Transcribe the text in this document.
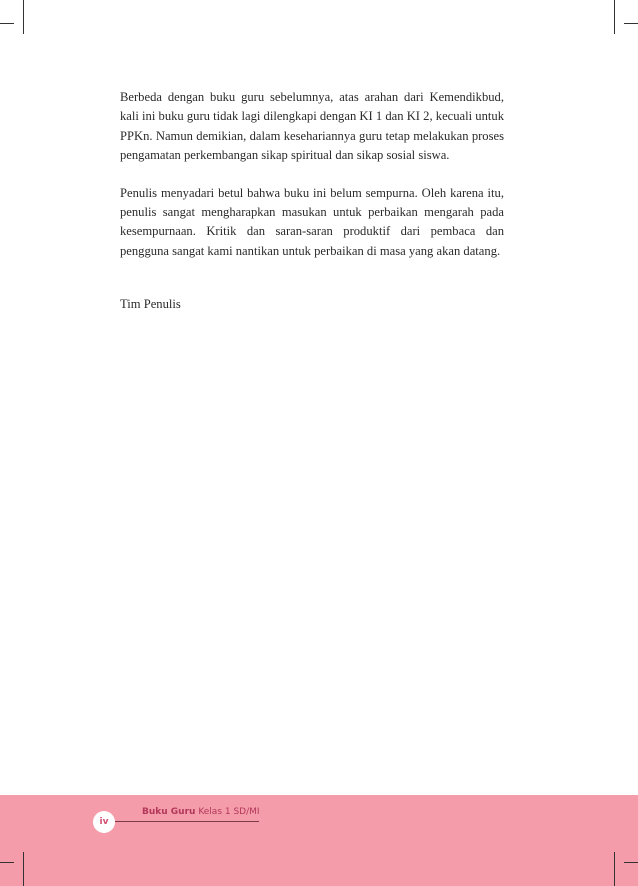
Berbeda dengan buku guru sebelumnya, atas arahan dari Kemendikbud, kali ini buku guru tidak lagi dilengkapi dengan KI 1 dan KI 2, kecuali untuk PPKn. Namun demikian, dalam kesehariannya guru tetap melakukan proses pengamatan perkembangan sikap spiritual dan sikap sosial siswa.

Penulis menyadari betul bahwa buku ini belum sempurna. Oleh karena itu, penulis sangat mengharapkan masukan untuk perbaikan mengarah pada kesempurnaan. Kritik dan saran-saran produktif dari pembaca dan pengguna sangat kami nantikan untuk perbaikan di masa yang akan datang.

Tim Penulis
iv
Buku Guru Kelas 1 SD/MI
